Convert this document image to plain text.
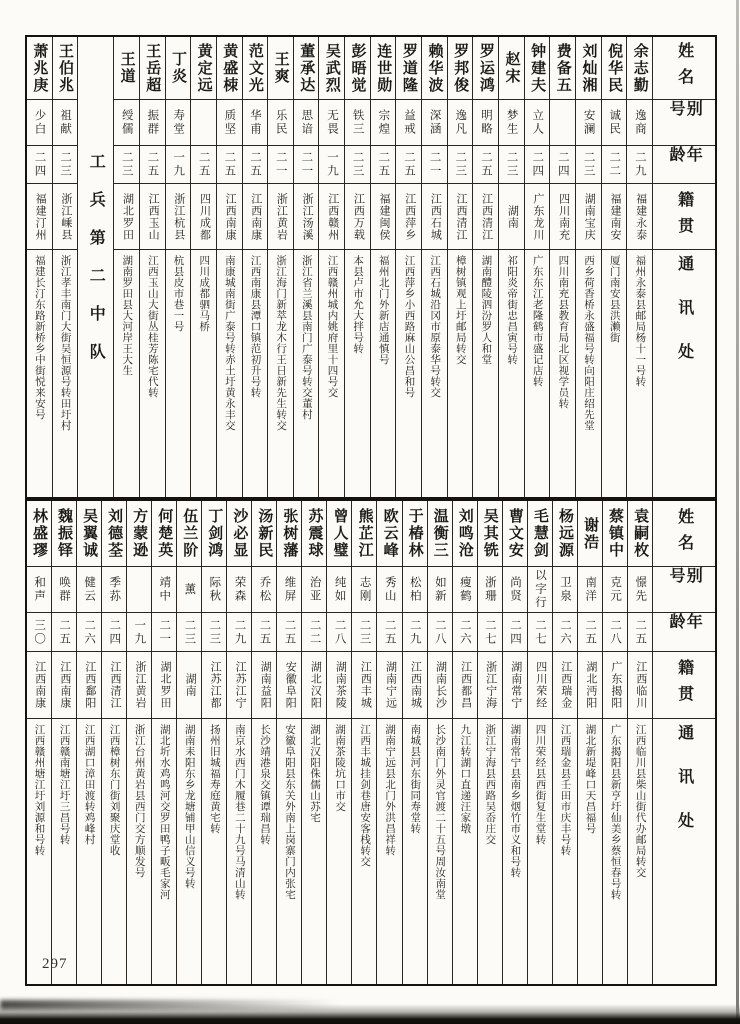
姓名
别号
年龄
籍贯
通讯处
余志勤
逸商
二九
福建永泰
福州永泰县邮局杨十一号转
倪华民
诚民
二二
福建南安
厦门南安县洪濑街
刘灿湘
安澜
二三
湖南宝庆
西乡荷香桥永盛福号转向阳庄绍先堂
费备五
二四
四川南充
四川南充县教育局北区视学员转
钟建夫
立人
二四
广东龙川
广东东江老隆鹤市盛记店转
赵宋
梦生
二三
湖南
祁阳炎帝街忠昌寅号转
罗运鸿
明略
二五
江西清江
湖南醴陵泗汾罗人和堂
罗邦俊
逸凡
二三
江西清江
樟树镇观上圩邮局转交
赖华波
深涵
二一
江西石城
江西石城沿冈市原泰华号转交
罗道隆
益戒
二五
江西萍乡
江西萍乡小西路麻山公昌和号
连世勋
宗煌
二五
福建闽侯
福州北门外新店通慎号
彭晤觉
铁三
二三
江西万载
本县卢市允大拌号转
吴武烈
无畏
一九
江西赣州
江西赣州城内姚府里十四号交
董承达
思谙
二一
浙江汤溪
浙江省兰溪县南门广泰号转交董村
王爽
乐民
二一
浙江黄岩
浙江海门新萃龙木行王日新先生转交
范文光
华甫
二五
江西南康
江西南康县潭口镇范初升号转
黄盛栜
质坚
二五
江西南康
南康城南街广泰号转赤土圩黄永丰交
黄定远
二五
四川成都
四川成都驷马桥
丁炎
寿堂
一九
浙江杭县
杭县皮市巷一号
王岳超
振群
二五
江西玉山
江西玉山大街丛桂芳陈宅代转
王道
绶儒
二三
湖北罗田
湖南罗田县大河岸王大生
工兵第二中队
王伯兆
祖献
二三
浙江嵊县
浙江孝丰南门大街吴恒源号转田圩村
萧兆庚
少白
二四
福建汀州
福建长汀东路新桥乡中街悦来安号
姓名
别号
年龄
籍贯
通讯处
袁嗣枚
憬先
二五
江西临川
江西临川县柴山街代办邮局转交
蔡镇中
克元
二八
广东揭阳
广东揭阳县新亨圩仙美乡蔡恒春号转
谢浩
南洋
二五
湖北沔阳
湖北新堤峰口天昌福号
杨远源
卫泉
二六
江西瑞金
江西瑞金县壬田市庆丰号转
毛慧剑
以字行
二七
四川荣经
四川荣经县西街复生堂转
曹文安
尚贤
二四
湖南常宁
湖南常宁县南乡烟竹市义和号转
吴其铣
浙珊
二七
浙江宁海
浙江宁海县西路吴岙庄交
刘鸣沧
瘦鹤
二六
江西都昌
九江转湖口直递汪家墩
温衡三
如新
二八
湖南长沙
长沙南门外灵官渡二十五号周汝南堂
于椿林
松柏
二九
江西南城
南城县河东街同寿堂转
欧云峰
秀山
二五
湖南宁远
湖南宁远县北门外洪昌祥转
熊芷江
志刚
二三
江西丰城
江西丰城挂剑巷唐安客栈转交
曾人璧
纯如
二八
湖南茶陵
湖南茶陵坑口市交
苏震球
治亚
二二
湖北汉阳
湖北汉阳侏儒山苏宅
张树藩
维屏
二五
安徽阜阳
安徽阜阳县东关外南上岗寨门内张宅
汤新民
乔松
二五
湖南益阳
长沙靖港泉交镇谭瑞昌转
沙必显
荣森
二九
江苏江宁
南京水西门木履巷二十九号马清山转
丁剑鸿
际秋
二三
江苏江都
扬州旧城福寿庭黄宅转
伍兰阶
薰
二三
湖南
湖南耒阳东乡龙塘铺甲山信义号转
何楚英
靖中
二一
湖北罗田
湖北圻水鸡鸣河交罗田鸭子畈毛家河
方蒙逊
一九
浙江黄岩
浙江台州黄岩县西门交方顺发号
刘德荃
季荪
二四
江西清江
江西樟树东门街刘聚庆堂收
吴翼诚
健云
二六
江西鄱阳
江西湖口漳田渡转鸡峰村
魏振铎
唤群
二五
江西南康
江西赣南塘江圩三昌号转
林盛璆
和声
三〇
江西南康
江西赣州塘江圩刘源和号转
297
